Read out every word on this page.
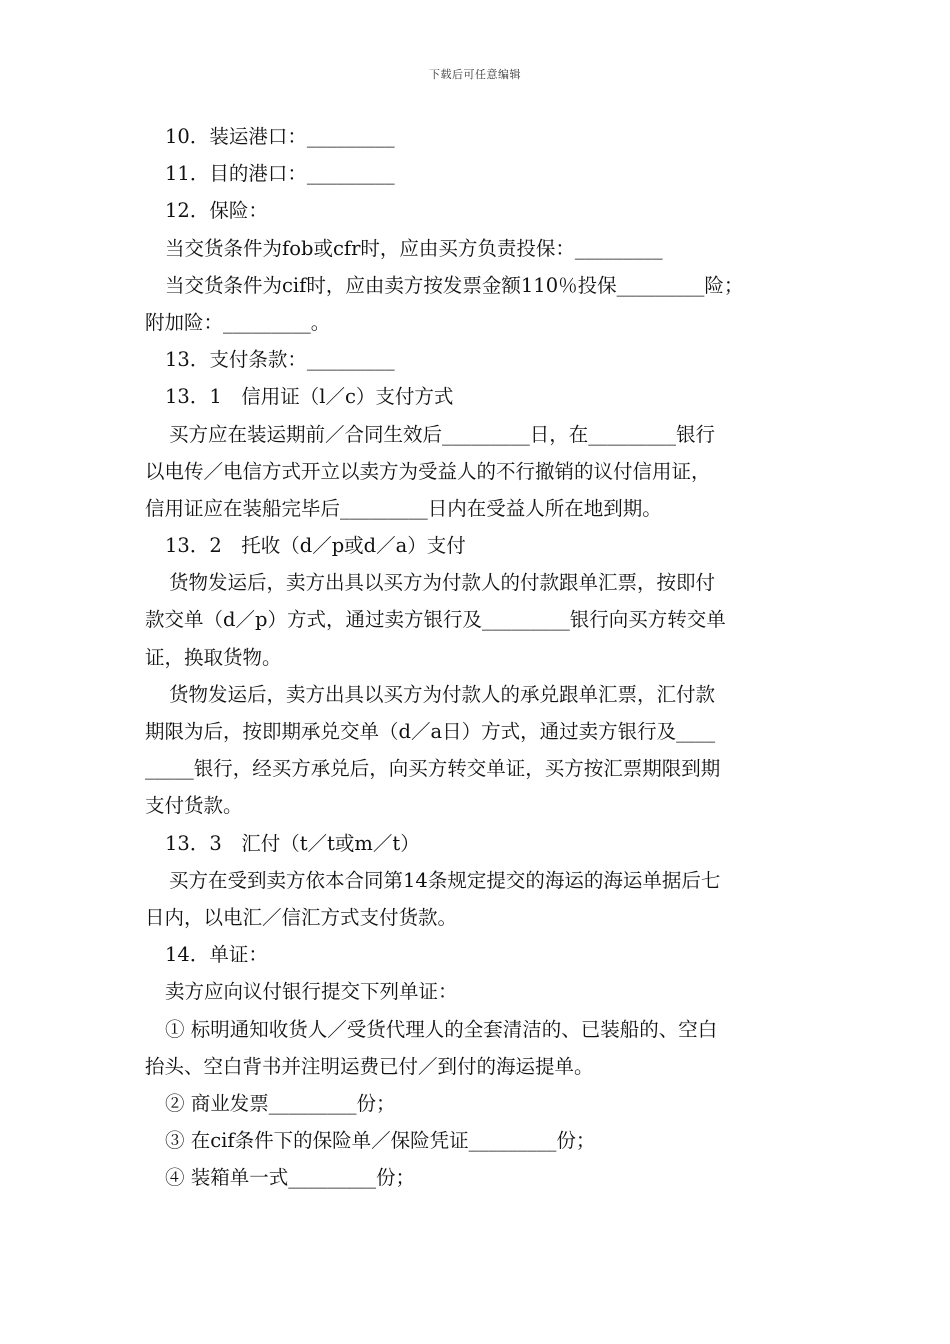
下载后可任意编辑
10．装运港口：_________
11．目的港口：_________
12．保险：
当交货条件为fob或cfr时，应由买方负责投保：_________
当交货条件为cif时，应由卖方按发票金额110％投保_________险；
附加险：_________。
13．支付条款：_________
13．1　信用证（l／c）支付方式
买方应在装运期前／合同生效后_________日，在_________银行
以电传／电信方式开立以卖方为受益人的不行撤销的议付信用证，
信用证应在装船完毕后_________日内在受益人所在地到期。
13．2　托收（d／p或d／a）支付
货物发运后，卖方出具以买方为付款人的付款跟单汇票，按即付
款交单（d／p）方式，通过卖方银行及_________银行向买方转交单
证，换取货物。
货物发运后，卖方出具以买方为付款人的承兑跟单汇票，汇付款
期限为后，按即期承兑交单（d／a日）方式，通过卖方银行及____
_____银行，经买方承兑后，向买方转交单证，买方按汇票期限到期
支付货款。
13．3　汇付（t／t或m／t）
买方在受到卖方依本合同第14条规定提交的海运的海运单据后七
日内，以电汇／信汇方式支付货款。
14．单证：
卖方应向议付银行提交下列单证：
① 标明通知收货人／受货代理人的全套清洁的、已装船的、空白
抬头、空白背书并注明运费已付／到付的海运提单。
② 商业发票_________份；
③ 在cif条件下的保险单／保险凭证_________份；
④ 装箱单一式_________份；
